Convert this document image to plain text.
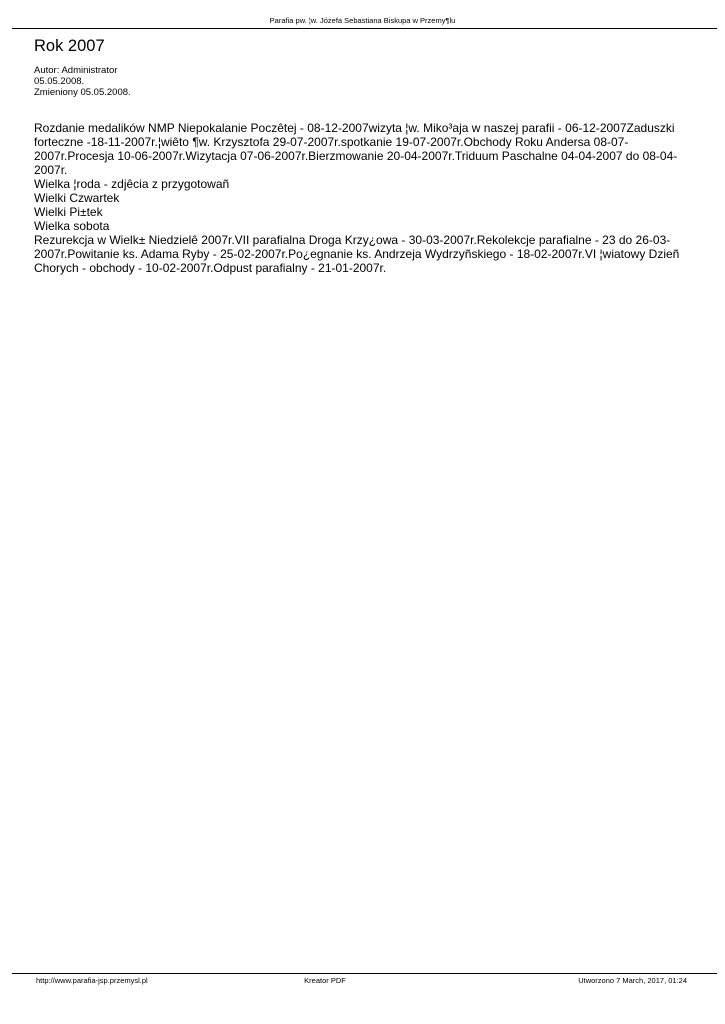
Parafia pw. ¦w. Józefa Sebastiana Biskupa w Przemy¶lu
Rok 2007
Autor: Administrator
05.05.2008.
Zmieniony 05.05.2008.
Rozdanie medalików NMP Niepokalanie Poczêtej - 08-12-2007wizyta ¦w. Miko³aja w naszej parafii - 06-12-2007Zaduszki forteczne -18-11-2007r.¦wiêto ¶w. Krzysztofa 29-07-2007r.spotkanie 19-07-2007r.Obchody Roku Andersa 08-07-2007r.Procesja 10-06-2007r.Wizytacja 07-06-2007r.Bierzmowanie 20-04-2007r.Triduum Paschalne 04-04-2007 do 08-04-2007r.
Wielka ¦roda - zdjêcia z przygotowañ
Wielki Czwartek
Wielki Pi±tek
Wielka sobota
Rezurekcja w Wielk± Niedzielê 2007r.VII parafialna Droga Krzy¿owa - 30-03-2007r.Rekolekcje parafialne - 23 do 26-03-2007r.Powitanie ks. Adama Ryby - 25-02-2007r.Po¿egnanie ks. Andrzeja Wydrzyñskiego - 18-02-2007r.VI ¦wiatowy Dzieñ Chorych - obchody - 10-02-2007r.Odpust parafialny - 21-01-2007r.
http://www.parafia-jsp.przemysl.pl	Kreator PDF	Utworzono 7 March, 2017, 01:24
